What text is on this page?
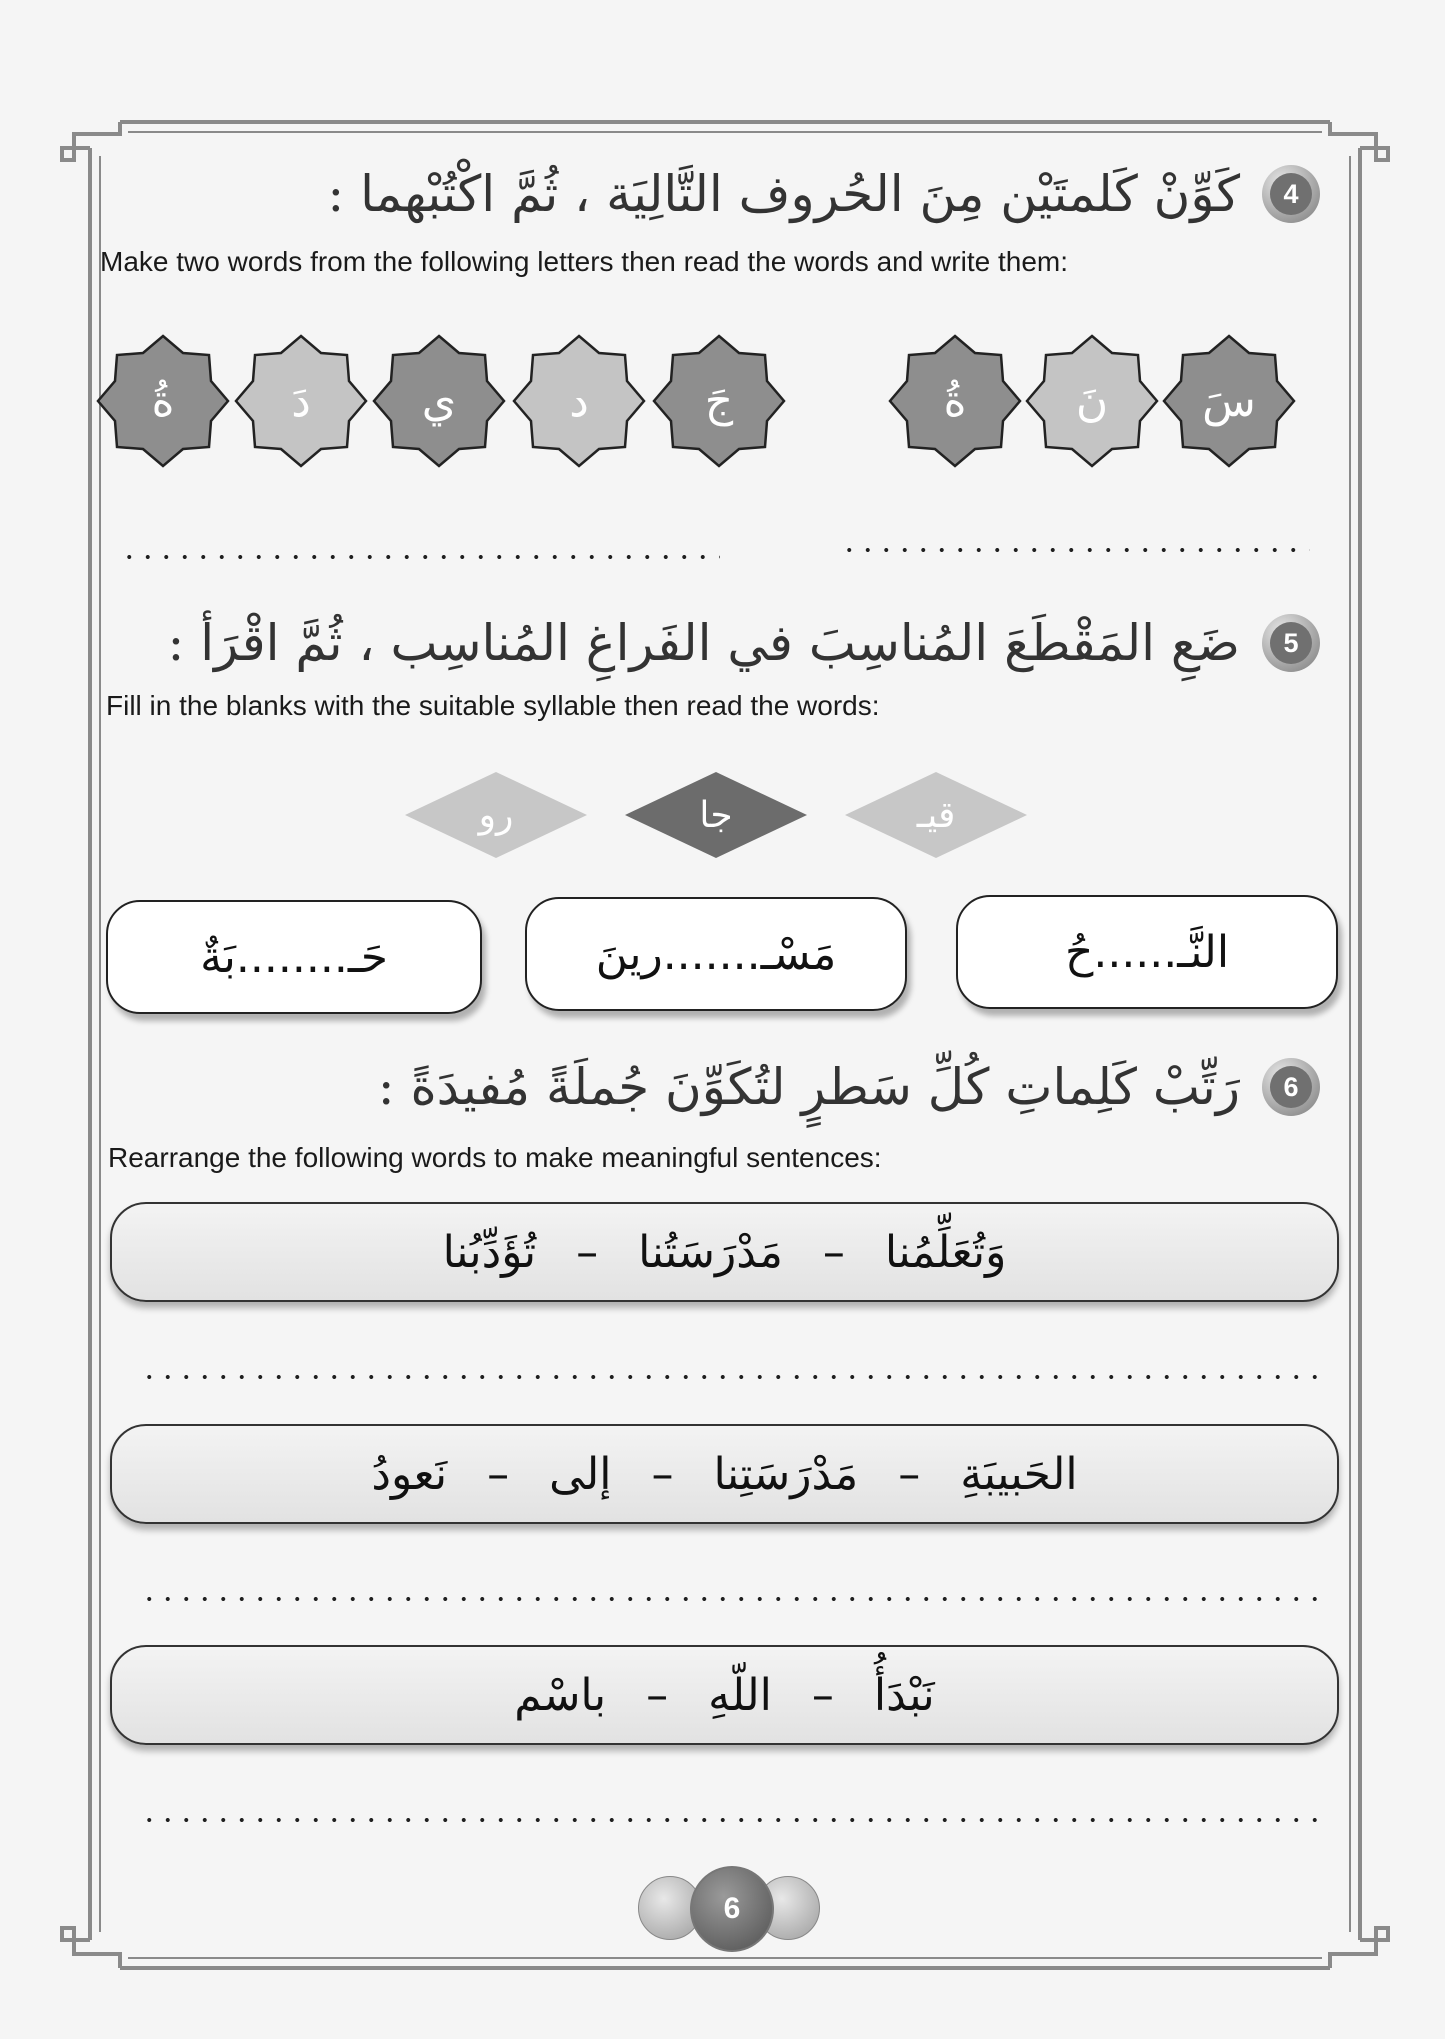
4
كَوِّنْ كَلمتَيْن مِنَ الحُروف التَّالِيَة ، ثُمَّ اكْتُبْهما :
Make two words from the following letters then read the words and write them:
سَ
نَ
ةُ
جَ
د
ي
دَ
ةُ
5
ضَعِ المَقْطَعَ المُناسِبَ في الفَراغِ المُناسِب ، ثُمَّ اقْرَأ :
Fill in the blanks with the suitable syllable then read the words:
قيـ
جا
رو
النَّـ......حُ
مَسْـ.......رينَ
حَـ........بَةٌ
6
رَتِّبْ كَلِماتِ كُلِّ سَطرٍ لتُكَوِّنَ جُملَةً مُفيدَةً :
Rearrange the following words to make meaningful sentences:
وَتُعَلِّمُنا
–
مَدْرَسَتُنا
–
تُؤَدِّبُنا
الحَبيبَةِ
–
مَدْرَسَتِنا
–
إلى
–
نَعودُ
نَبْدَأُ
–
اللّهِ
–
باسْم
6
